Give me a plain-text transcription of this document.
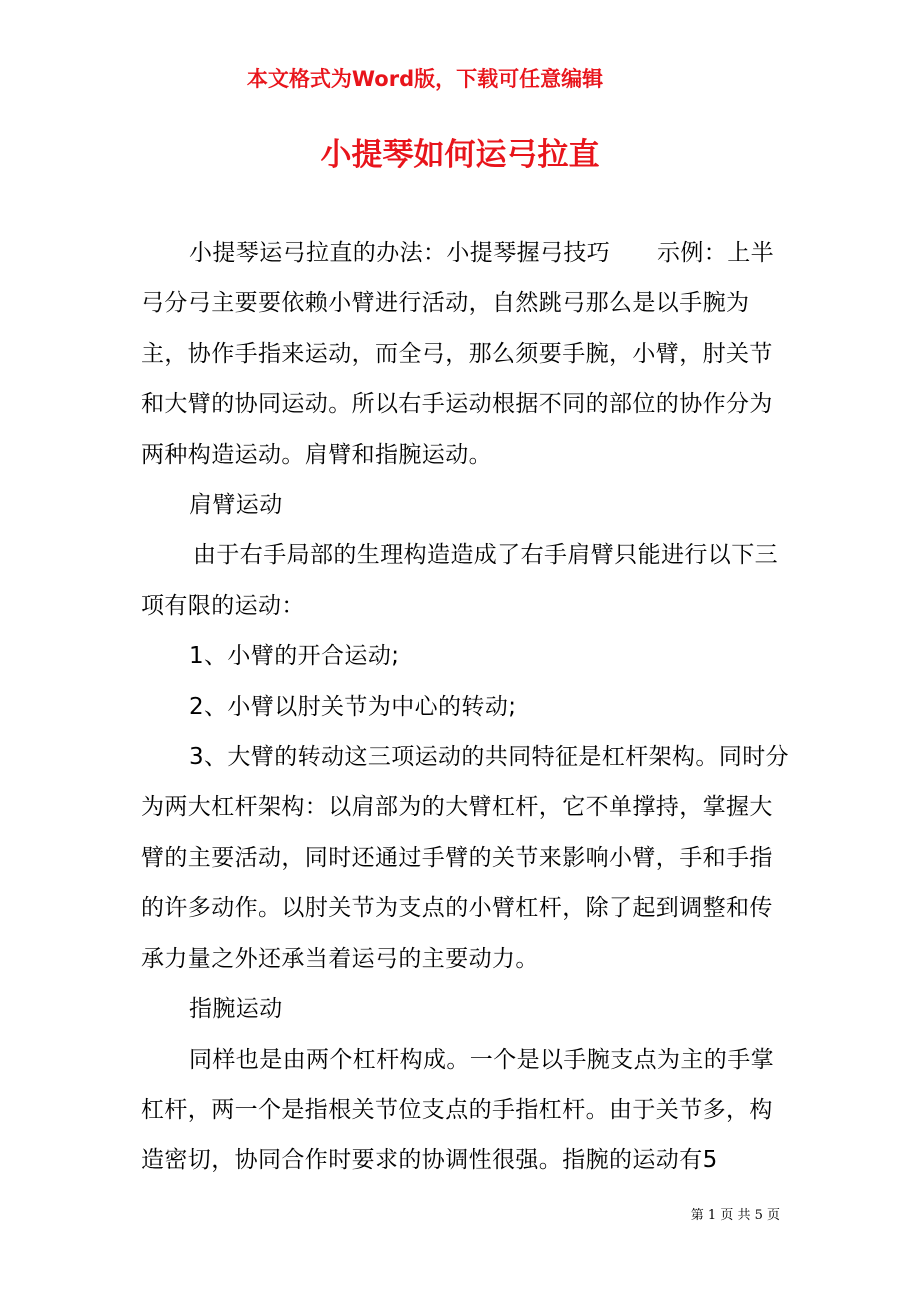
本文格式为Word版，下载可任意编辑
小提琴如何运弓拉直

小提琴运弓拉直的办法：小提琴握弓技巧　　示例：上半弓分弓主要要依赖小臂进行活动，自然跳弓那么是以手腕为主，协作手指来运动，而全弓，那么须要手腕，小臂，肘关节和大臂的协同运动。所以右手运动根据不同的部位的协作分为两种构造运动。肩臂和指腕运动。

肩臂运动

由于右手局部的生理构造造成了右手肩臂只能进行以下三项有限的运动：

1、小臂的开合运动;

2、小臂以肘关节为中心的转动;

3、大臂的转动这三项运动的共同特征是杠杆架构。同时分为两大杠杆架构：以肩部为的大臂杠杆，它不单撑持，掌握大臂的主要活动，同时还通过手臂的关节来影响小臂，手和手指的许多动作。以肘关节为支点的小臂杠杆，除了起到调整和传承力量之外还承当着运弓的主要动力。

指腕运动

同样也是由两个杠杆构成。一个是以手腕支点为主的手掌杠杆，两一个是指根关节位支点的手指杠杆。由于关节多，构造密切，协同合作时要求的协调性很强。指腕的运动有5

第 1 页 共 5 页
